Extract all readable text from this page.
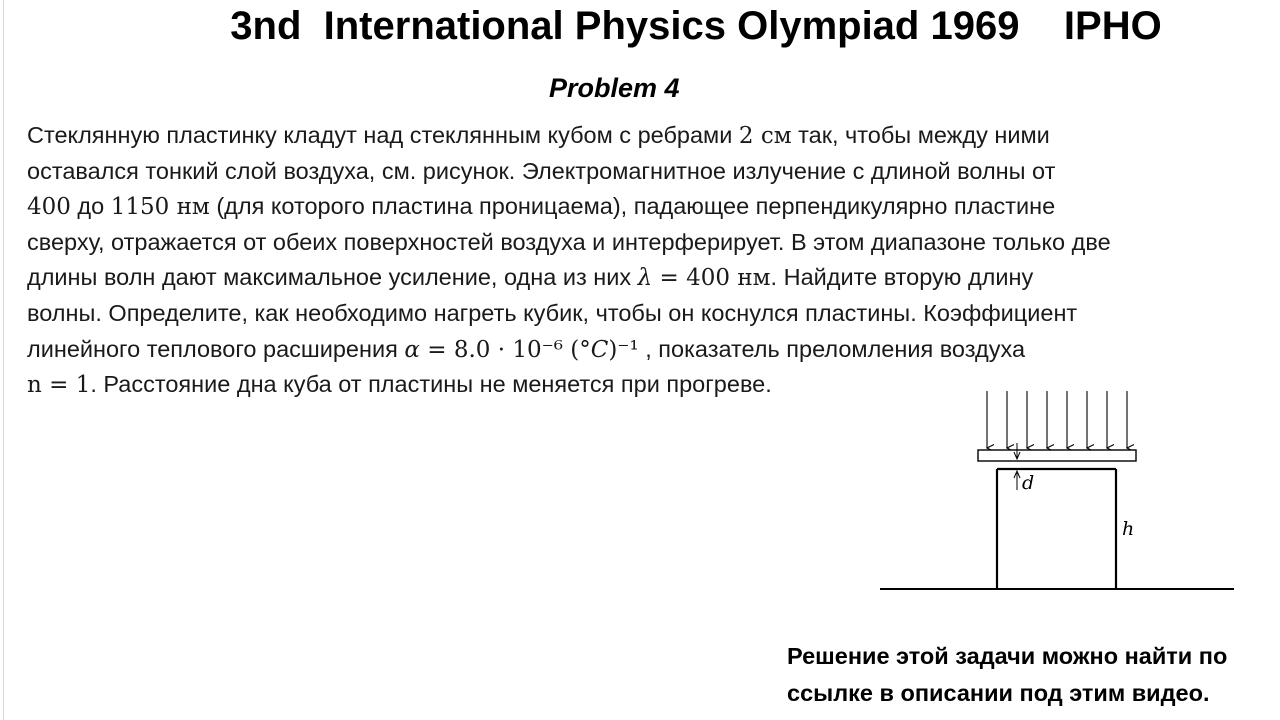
3nd  International Physics Olympiad 1969    IPHO
Problem 4
Стеклянную пластинку кладут над стеклянным кубом с ребрами 2 см так, чтобы между ними
оставался тонкий слой воздуха, см. рисунок. Электромагнитное излучение с длиной волны от
400 до 1150 нм (для которого пластина проницаема), падающее перпендикулярно пластине
сверху, отражается от обеих поверхностей воздуха и интерферирует. В этом диапазоне только две
длины волн дают максимальное усиление, одна из них λ = 400 нм. Найдите вторую длину
волны. Определите, как необходимо нагреть кубик, чтобы он коснулся пластины. Коэффициент
линейного теплового расширения α = 8.0 · 10⁻⁶ (°C)⁻¹ , показатель преломления воздуха
n = 1. Расстояние дна куба от пластины не меняется при прогреве.
d
h
Решение этой задачи можно найти по
ссылке в описании под этим видео.
